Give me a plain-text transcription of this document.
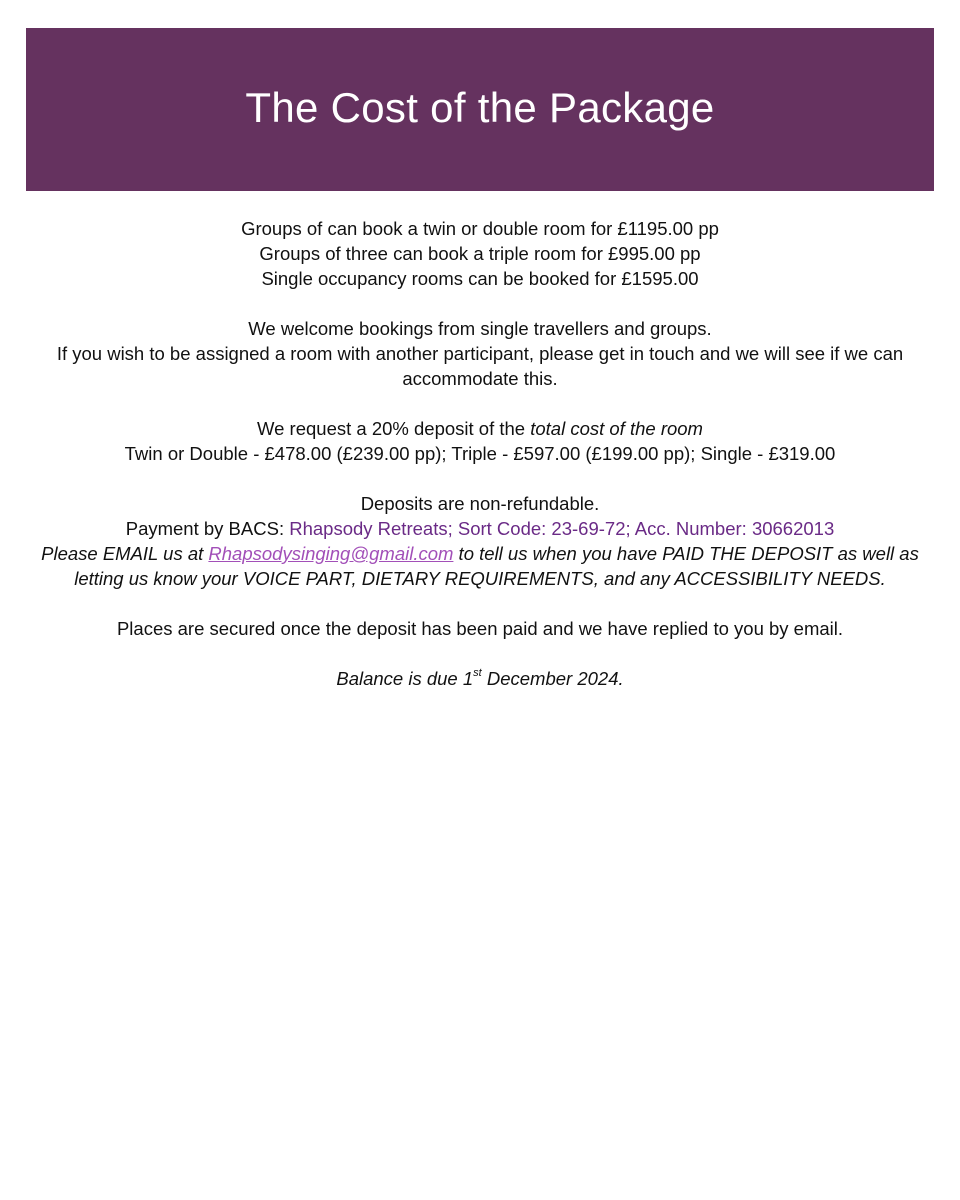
The Cost of the Package
Groups of can book a twin or double room for £1195.00 pp
Groups of three can book a triple room for £995.00 pp
Single occupancy rooms can be booked for £1595.00
We welcome bookings from single travellers and groups.
If you wish to be assigned a room with another participant, please get in touch and we will see if we can accommodate this.
We request a 20% deposit of the total cost of the room
Twin or Double - £478.00 (£239.00 pp); Triple - £597.00 (£199.00 pp); Single - £319.00
Deposits are non-refundable.
Payment by BACS: Rhapsody Retreats; Sort Code: 23-69-72; Acc. Number: 30662013
Please EMAIL us at Rhapsodysinging@gmail.com to tell us when you have PAID THE DEPOSIT as well as letting us know your VOICE PART, DIETARY REQUIREMENTS, and any ACCESSIBILITY NEEDS.
Places are secured once the deposit has been paid and we have replied to you by email.
Balance is due 1st December 2024.
